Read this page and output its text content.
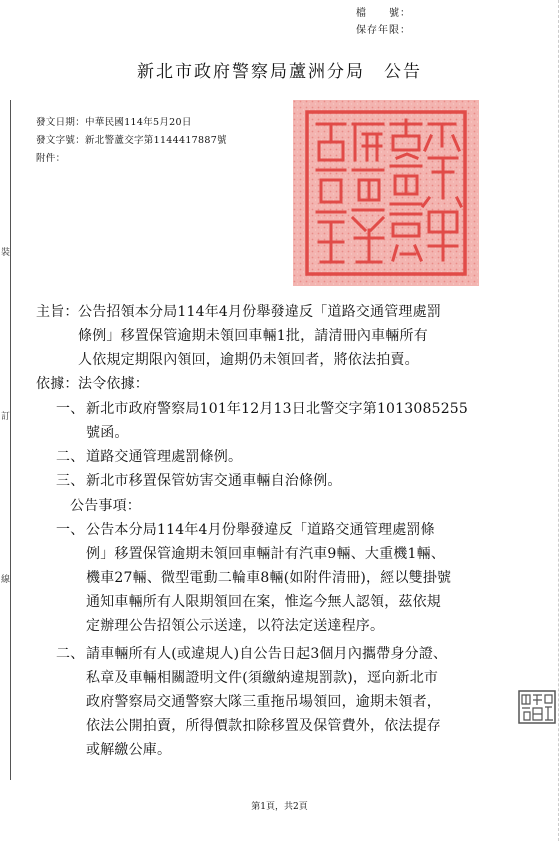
檔　　號：
保存年限：
新北市政府警察局蘆洲分局　公告
發文日期：中華民國114年5月20日
發文字號：新北警蘆交字第1144417887號
附件：
裝
訂
線
主旨： 公告招領本分局114年4月份舉發違反「道路交通管理處罰
條例」移置保管逾期未領回車輛1批，請清冊內車輛所有
人依規定期限內領回，逾期仍未領回者，將依法拍賣。
依據： 法令依據：
一、 新北市政府警察局101年12月13日北警交字第1013085255
號函。
二、 道路交通管理處罰條例。
三、 新北市移置保管妨害交通車輛自治條例。
公告事項：
一、 公告本分局114年4月份舉發違反「道路交通管理處罰條
例」移置保管逾期未領回車輛計有汽車9輛、大重機1輛、
機車27輛、微型電動二輪車8輛(如附件清冊)，經以雙掛號
通知車輛所有人限期領回在案，惟迄今無人認領，茲依規
定辦理公告招領公示送達，以符法定送達程序。
二、 請車輛所有人(或違規人)自公告日起3個月內攜帶身分證、
私章及車輛相關證明文件(須繳納違規罰款)，逕向新北市
政府警察局交通警察大隊三重拖吊場領回，逾期未領者，
依法公開拍賣，所得價款扣除移置及保管費外，依法提存
或解繳公庫。
第1頁，共2頁
